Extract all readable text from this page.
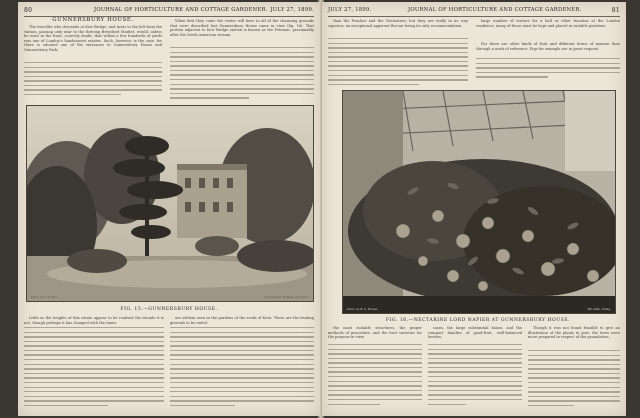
80	JOURNAL OF HORTICULTURE AND COTTAGE GARDENER. JULY 27, 1899.
GUNNERSBURY HOUSE.

The traveller who descends at Kew Bridge, and turns to the left from the station, passing only near to the thriving Brentford Market, would, unless he went in the front, scarcely doubt, that within a few hundreds of yards was one of London's handsomest estates. Such, however, is the case, for there is situated one of the entrances to Gunnersbury House and Gunnersbury Park.

When first they come the visitor will have in all of the charming grounds that were described last Gunnersbury House came in view (fig. 16). That portion adjacent to Kew Bridge station is known as the Potomac, presumably after the North American stream.

Photo by C. P. Hvy.	Copyrighted. Rethee, Dryphoto.
FIG. 15.—GUNNERSBURY HOUSE.

Little as the heights of this estate appear to be realised the decade it is not, though perhaps it has changed with the times.

are seldom seen in the gardens of the south of Kent. There are the fruiting grounds to be noted.

JULY 27, 1899.	JOURNAL OF HORTICULTURE AND COTTAGE GARDENER.	81

than the Peaches and the Nectarines; but they are really in no way superior; an exceptional apparent flavour being its only recommendation.

large number of visitors for a hall or other function at the London residence, many of these must be kept and placed in suitable positions.

For there are other kinds of fruit and different forms of manure than through a work of reference. Figs for example are in great request.

Photo by B. S. Bowen.	Bir Ahlls, Irving.
FIG. 16.—NECTARINE LORD NAPIER AT GUNNERSBURY HOUSE.

the most suitable structures, the proper methods of procedure, and the best varieties for the purpose in view.

cases, the large substantial house, and the compact families of good-fruit, well-balanced berries.

Though it was not found feasible to give an illustration of the plants in pots, the trees were more prepared in respect of the granulation.
